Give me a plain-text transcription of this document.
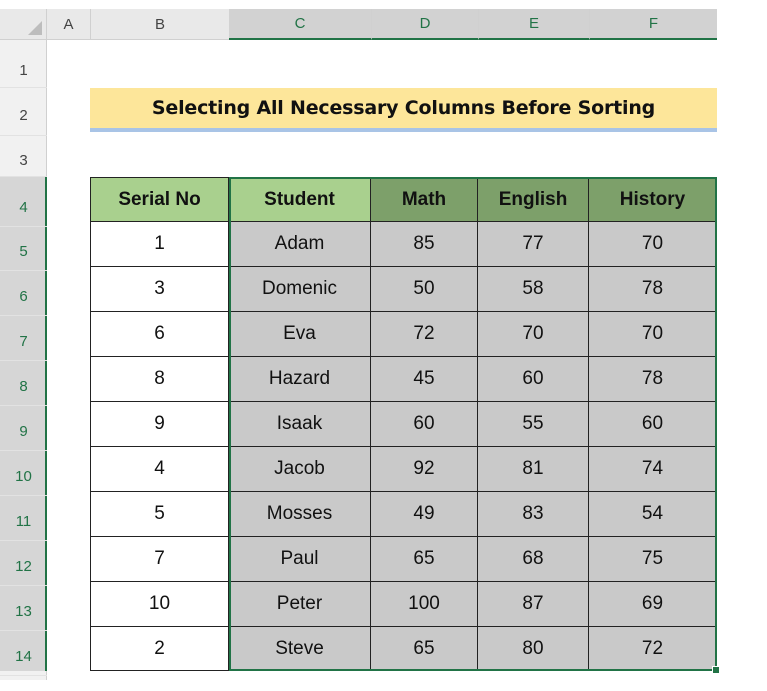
A	B	C	D	E	F
1
2
3
4
5
6
7
8
9
10
11
12
13
14
Selecting All Necessary Columns Before Sorting
Serial No	Student	Math	English	History
1	Adam	85	77	70
3	Domenic	50	58	78
6	Eva	72	70	70
8	Hazard	45	60	78
9	Isaak	60	55	60
4	Jacob	92	81	74
5	Mosses	49	83	54
7	Paul	65	68	75
10	Peter	100	87	69
2	Steve	65	80	72
